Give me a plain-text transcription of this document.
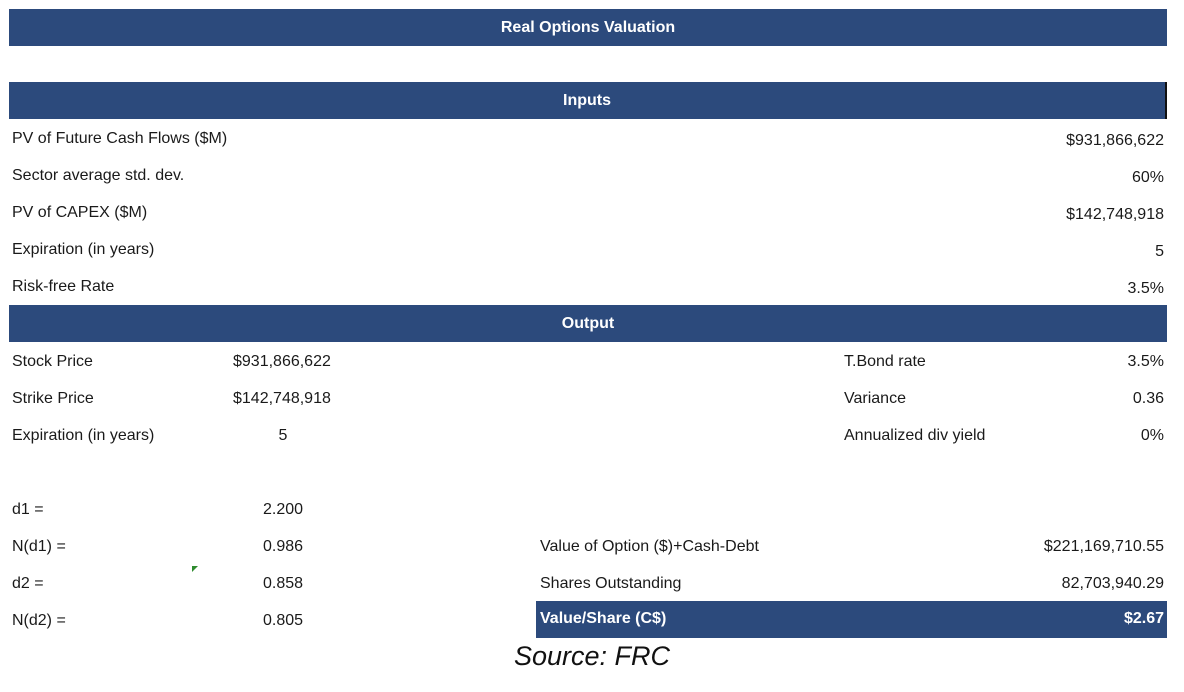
Real Options Valuation
Inputs
PV of Future Cash Flows ($M)	$931,866,622
Sector average std. dev.	60%
PV of CAPEX ($M)	$142,748,918
Expiration (in years)	5
Risk-free Rate	3.5%
Output
Stock Price	$931,866,622	T.Bond rate	3.5%
Strike Price	$142,748,918	Variance	0.36
Expiration (in years)	5	Annualized div yield	0%
d1 =	2.200
N(d1) =	0.986	Value of Option ($)+Cash-Debt	$221,169,710.55
d2 =	0.858	Shares Outstanding	82,703,940.29
N(d2) =	0.805	Value/Share (C$)	$2.67
Source: FRC
